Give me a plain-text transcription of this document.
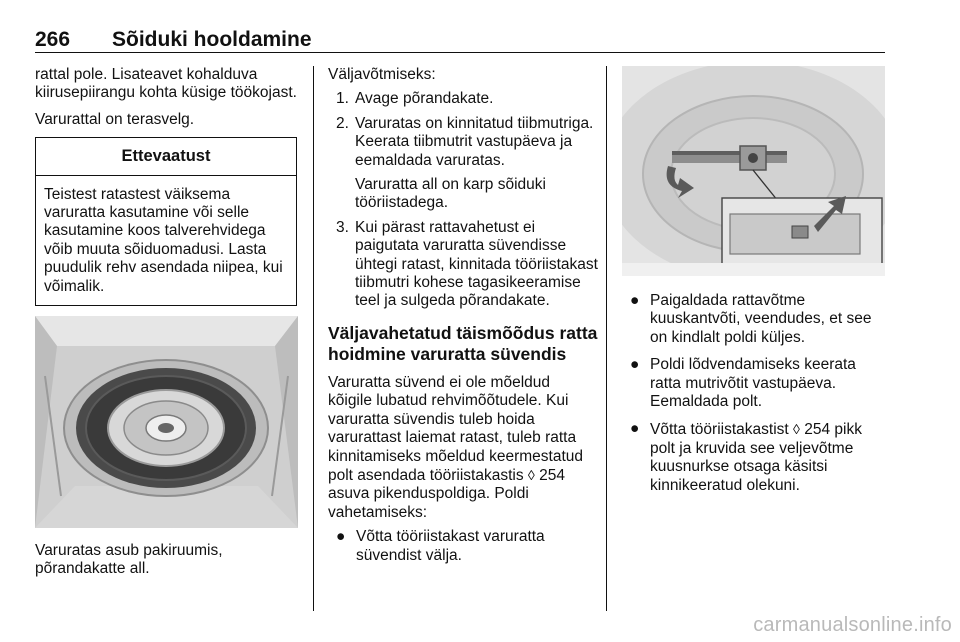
266 Sõiduki hooldamine

rattal pole. Lisateavet kohalduva kiirusepiirangu kohta küsige töökojast.

Varurattal on terasvelg.

Ettevaatust
Teistest ratastest väiksema varuratta kasutamine või selle kasutamine koos talverehvidega võib muuta sõiduomadusi. Lasta puudulik rehv asendada niipea, kui võimalik.

Varuratas asub pakiruumis, põrandakatte all.

Väljavõtmiseks:

1. Avage põrandakate.

2. Varuratas on kinnitatud tiibmutriga. Keerata tiibmutrit vastupäeva ja eemaldada varuratas.

Varuratta all on karp sõiduki tööriistadega.

3. Kui pärast rattavahetust ei paigutata varuratta süvendisse ühtegi ratast, kinnitada tööriistakast tiibmutri kohese tagasikeeramise teel ja sulgeda põrandakate.

Väljavahetatud täismõõdus ratta hoidmine varuratta süvendis

Varuratta süvend ei ole mõeldud kõigile lubatud rehvimõõtudele. Kui varuratta süvendis tuleb hoida varurattast laiemat ratast, tuleb ratta kinnitamiseks mõeldud keermestatud polt asendada tööriistakastis ◊ 254 asuva pikenduspoldiga. Poldi vahetamiseks:

● Võtta tööriistakast varuratta süvendist välja.
● Paigaldada rattavõtme kuuskantvõti, veendudes, et see on kindlalt poldi küljes.
● Poldi lõdvendamiseks keerata ratta mutrivõtit vastupäeva. Eemaldada polt.
● Võtta tööriistakastist ◊ 254 pikk polt ja kruvida see veljevõtme kuusnurkse otsaga käsitsi kinnikeeratud olekuni.
carmanualsonline.info
